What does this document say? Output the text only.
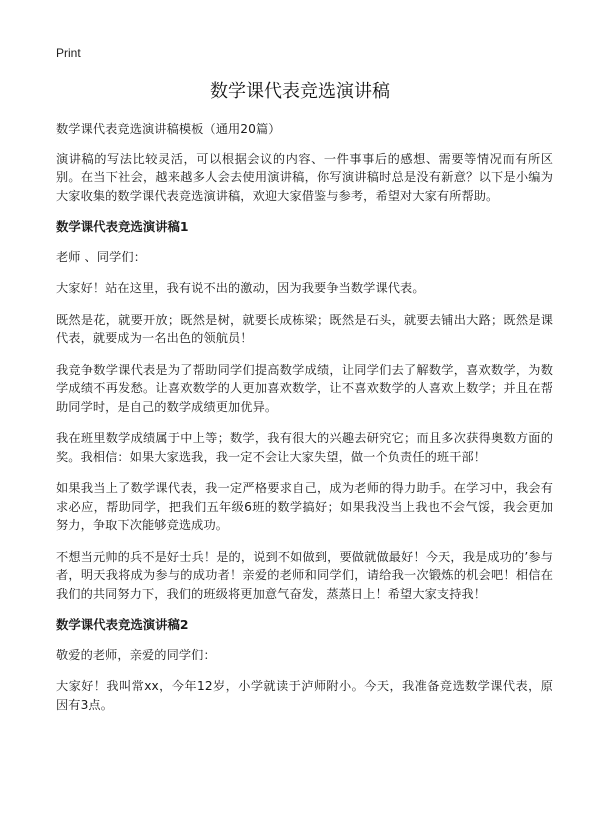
Print
数学课代表竞选演讲稿

数学课代表竞选演讲稿模板（通用20篇）

演讲稿的写法比较灵活，可以根据会议的内容、一件事事后的感想、需要等情况而有所区别。在当下社会，越来越多人会去使用演讲稿，你写演讲稿时总是没有新意？以下是小编为大家收集的数学课代表竞选演讲稿，欢迎大家借鉴与参考，希望对大家有所帮助。

数学课代表竞选演讲稿1

老师 、同学们：

大家好！站在这里，我有说不出的激动，因为我要争当数学课代表。

既然是花，就要开放；既然是树，就要长成栋梁；既然是石头，就要去铺出大路；既然是课代表，就要成为一名出色的领航员！

我竞争数学课代表是为了帮助同学们提高数学成绩，让同学们去了解数学，喜欢数学，为数学成绩不再发愁。让喜欢数学的人更加喜欢数学，让不喜欢数学的人喜欢上数学；并且在帮助同学时，是自己的数学成绩更加优异。

我在班里数学成绩属于中上等；数学，我有很大的兴趣去研究它；而且多次获得奥数方面的奖。我相信：如果大家选我，我一定不会让大家失望，做一个负责任的班干部！

如果我当上了数学课代表，我一定严格要求自己，成为老师的得力助手。在学习中，我会有求必应，帮助同学，把我们五年级6班的数学搞好；如果我没当上我也不会气馁，我会更加努力，争取下次能够竞选成功。

不想当元帅的兵不是好士兵！是的，说到不如做到，要做就做最好！今天，我是成功的’参与者，明天我将成为参与的成功者！亲爱的老师和同学们，请给我一次锻炼的机会吧！相信在我们的共同努力下，我们的班级将更加意气奋发，蒸蒸日上！希望大家支持我！

数学课代表竞选演讲稿2

敬爱的老师，亲爱的同学们：

大家好！我叫常xx，今年12岁，小学就读于泸师附小。今天，我准备竞选数学课代表，原因有3点。
